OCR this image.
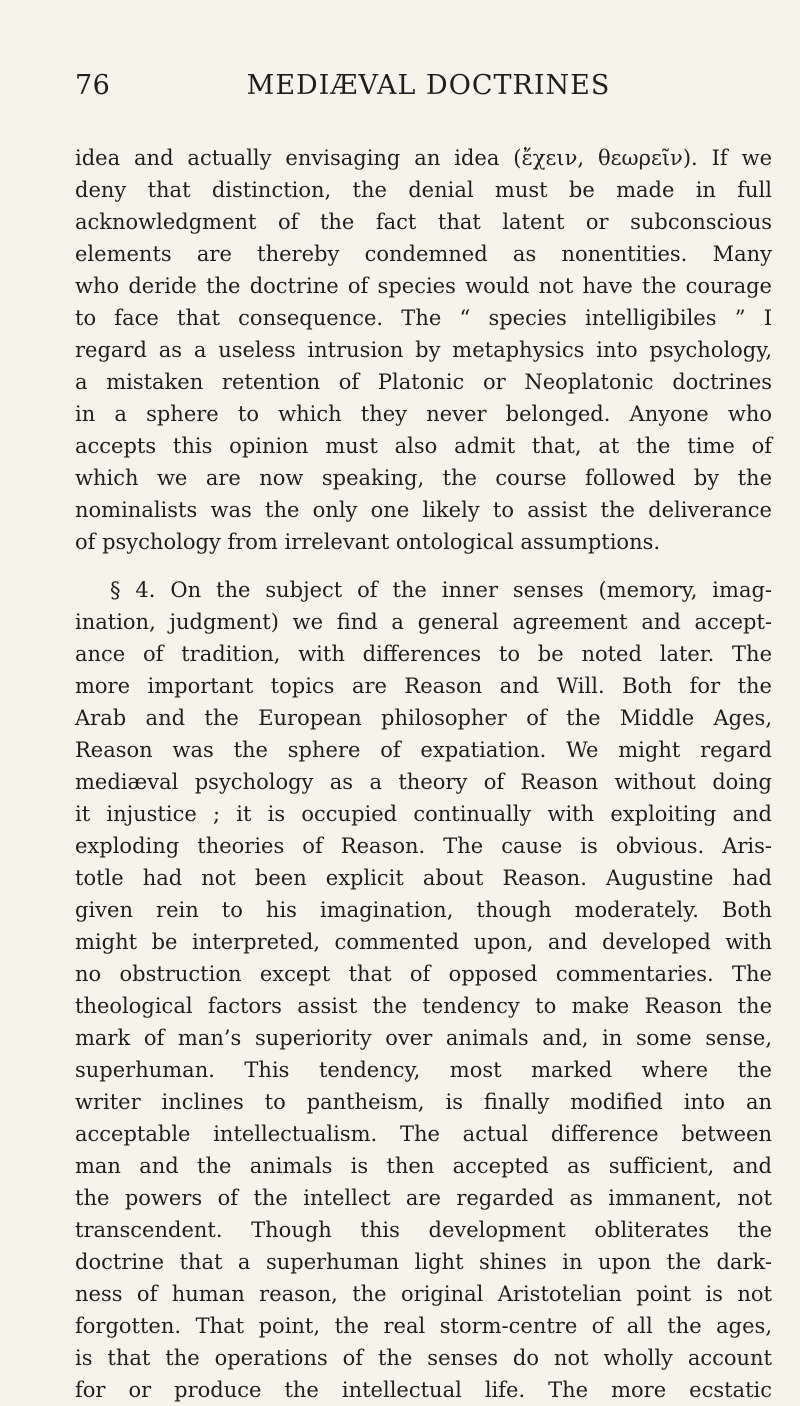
76	MEDIÆVAL DOCTRINES
idea and actually envisaging an idea (ἔχειν, θεωρεῖν). If we
deny that distinction, the denial must be made in full
acknowledgment of the fact that latent or subconscious
elements are thereby condemned as nonentities. Many
who deride the doctrine of species would not have the courage
to face that consequence. The “ species intelligibiles ” I
regard as a useless intrusion by metaphysics into psychology,
a mistaken retention of Platonic or Neoplatonic doctrines
in a sphere to which they never belonged. Anyone who
accepts this opinion must also admit that, at the time of
which we are now speaking, the course followed by the
nominalists was the only one likely to assist the deliverance
of psychology from irrelevant ontological assumptions.
§ 4. On the subject of the inner senses (memory, imag-
ination, judgment) we find a general agreement and accept-
ance of tradition, with differences to be noted later. The
more important topics are Reason and Will. Both for the
Arab and the European philosopher of the Middle Ages,
Reason was the sphere of expatiation. We might regard
mediæval psychology as a theory of Reason without doing
it injustice ; it is occupied continually with exploiting and
exploding theories of Reason. The cause is obvious. Aris-
totle had not been explicit about Reason. Augustine had
given rein to his imagination, though moderately. Both
might be interpreted, commented upon, and developed with
no obstruction except that of opposed commentaries. The
theological factors assist the tendency to make Reason the
mark of man’s superiority over animals and, in some sense,
superhuman. This tendency, most marked where the
writer inclines to pantheism, is finally modified into an
acceptable intellectualism. The actual difference between
man and the animals is then accepted as sufficient, and
the powers of the intellect are regarded as immanent, not
transcendent. Though this development obliterates the
doctrine that a superhuman light shines in upon the dark-
ness of human reason, the original Aristotelian point is not
forgotten. That point, the real storm-centre of all the ages,
is that the operations of the senses do not wholly account
for or produce the intellectual life. The more ecstatic
